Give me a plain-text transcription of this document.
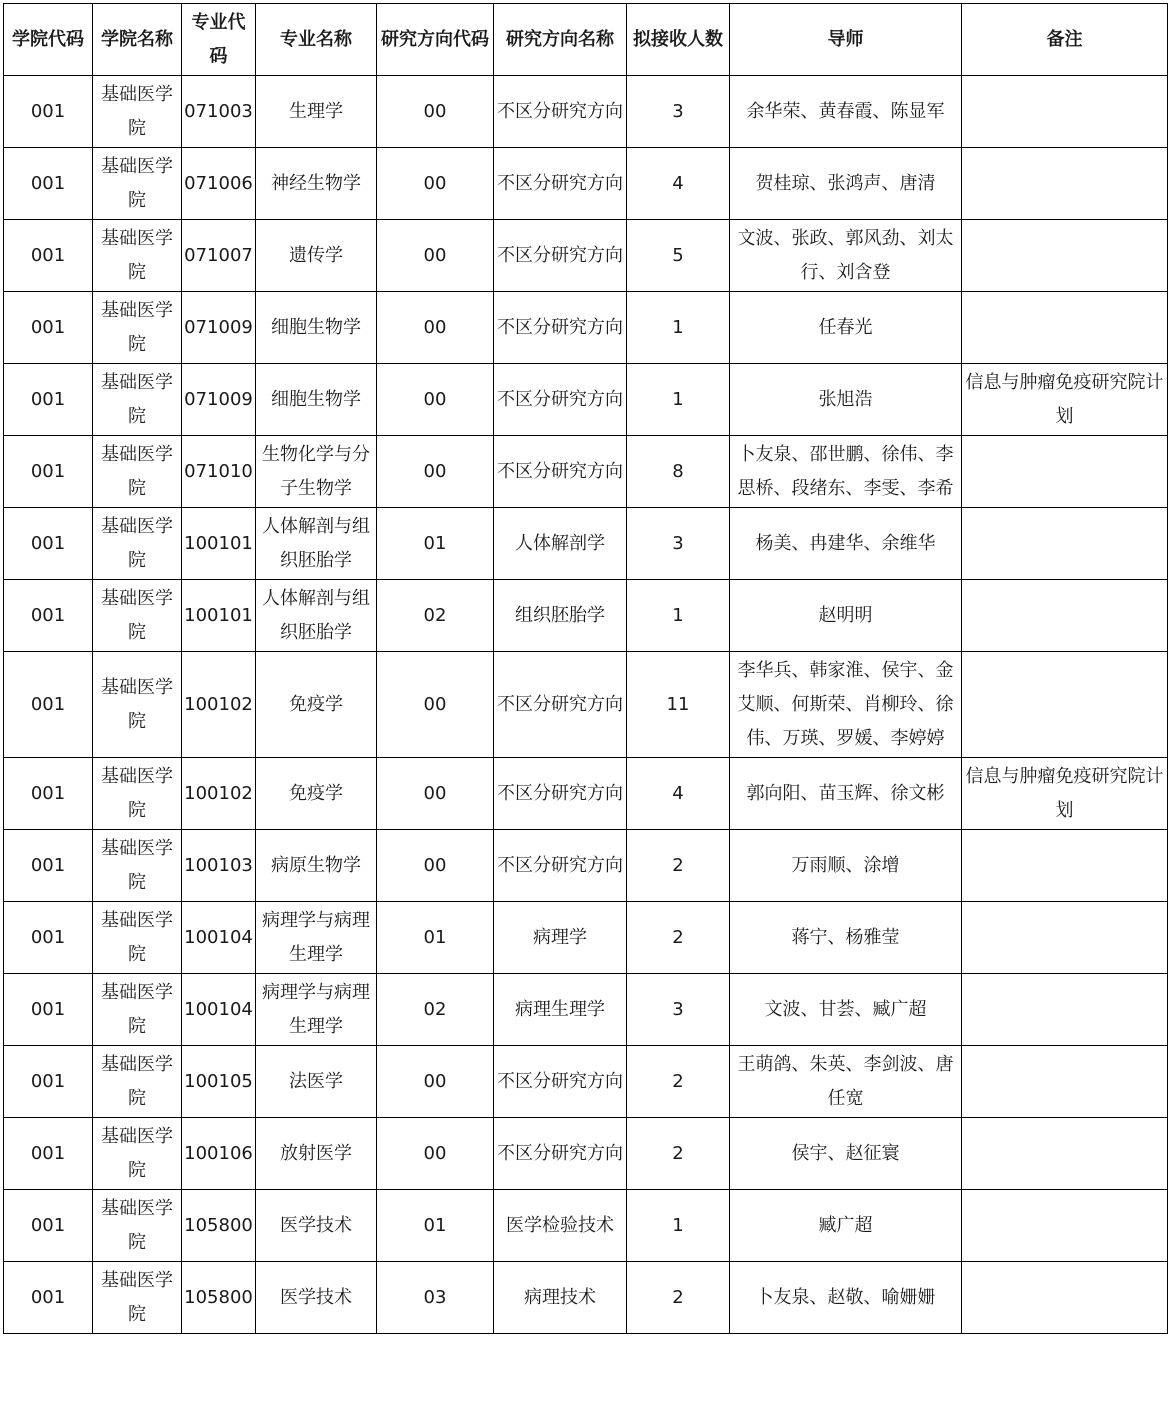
学院代码	学院名称	专业代码	专业名称	研究方向代码	研究方向名称	拟接收人数	导师	备注
001	基础医学院	071003	生理学	00	不区分研究方向	3	余华荣、黄春霞、陈显军	
001	基础医学院	071006	神经生物学	00	不区分研究方向	4	贺桂琼、张鸿声、唐清	
001	基础医学院	071007	遗传学	00	不区分研究方向	5	文波、张政、郭风劲、刘太行、刘含登	
001	基础医学院	071009	细胞生物学	00	不区分研究方向	1	任春光	
001	基础医学院	071009	细胞生物学	00	不区分研究方向	1	张旭浩	信息与肿瘤免疫研究院计划
001	基础医学院	071010	生物化学与分子生物学	00	不区分研究方向	8	卜友泉、邵世鹏、徐伟、李思桥、段绪东、李雯、李希	
001	基础医学院	100101	人体解剖与组织胚胎学	01	人体解剖学	3	杨美、冉建华、余维华	
001	基础医学院	100101	人体解剖与组织胚胎学	02	组织胚胎学	1	赵明明	
001	基础医学院	100102	免疫学	00	不区分研究方向	11	李华兵、韩家淮、侯宇、金艾顺、何斯荣、肖柳玲、徐伟、万瑛、罗媛、李婷婷	
001	基础医学院	100102	免疫学	00	不区分研究方向	4	郭向阳、苗玉辉、徐文彬	信息与肿瘤免疫研究院计划
001	基础医学院	100103	病原生物学	00	不区分研究方向	2	万雨顺、涂增	
001	基础医学院	100104	病理学与病理生理学	01	病理学	2	蒋宁、杨雅莹	
001	基础医学院	100104	病理学与病理生理学	02	病理生理学	3	文波、甘荟、臧广超	
001	基础医学院	100105	法医学	00	不区分研究方向	2	王萌鸽、朱英、李剑波、唐任宽	
001	基础医学院	100106	放射医学	00	不区分研究方向	2	侯宇、赵征寰	
001	基础医学院	105800	医学技术	01	医学检验技术	1	臧广超	
001	基础医学院	105800	医学技术	03	病理技术	2	卜友泉、赵敬、喻姗姗	
